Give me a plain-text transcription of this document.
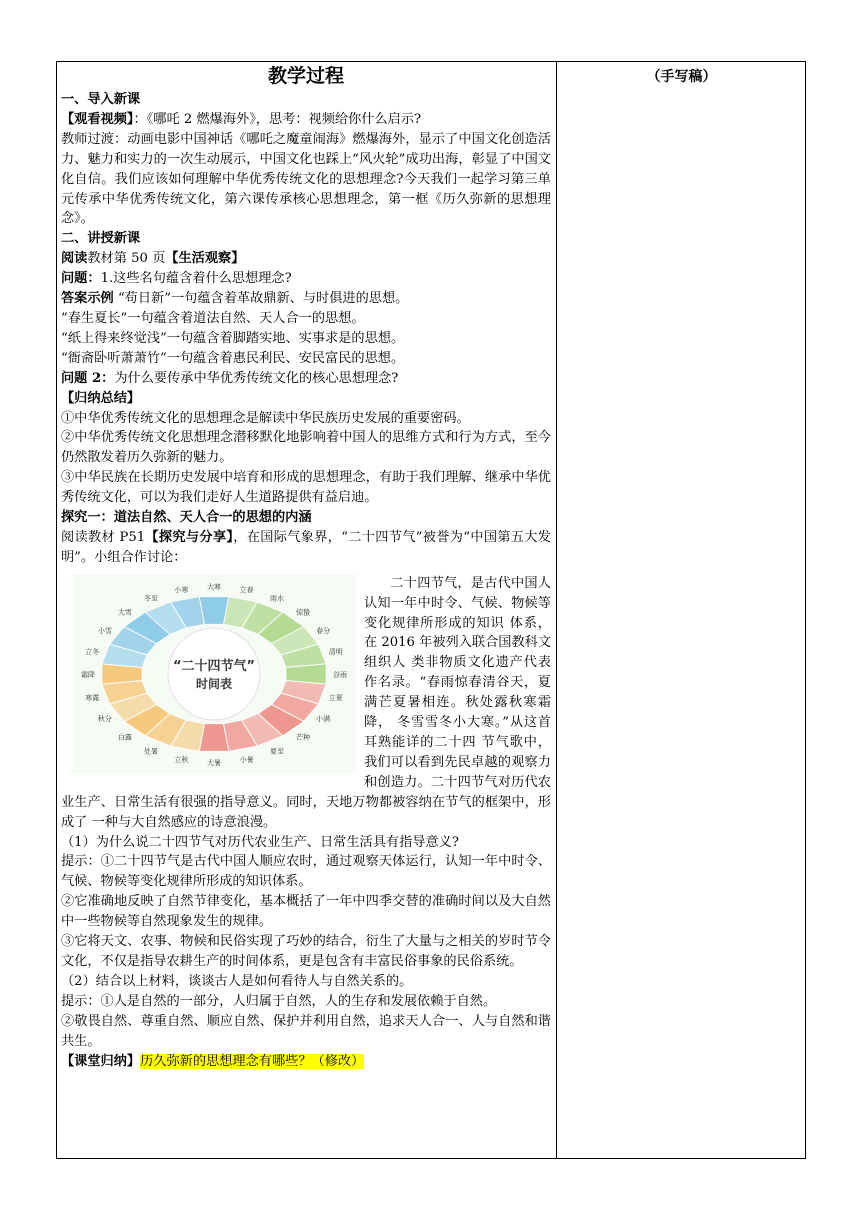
（手写稿）
教学过程

一、导入新课

【观看视频】：《哪吒 2 燃爆海外》，思考：视频给你什么启示?

教师过渡：动画电影中国神话《哪吒之魔童闹海》燃爆海外，显示了中国文化创造活力、魅力和实力的一次生动展示，中国文化也踩上“风火轮”成功出海，彰显了中国文化自信。我们应该如何理解中华优秀传统文化的思想理念?今天我们一起学习第三单元传承中华优秀传统文化，第六课传承核心思想理念，第一框《历久弥新的思想理念》。

二、讲授新课

阅读教材第 50 页【生活观察】

问题：1.这些名句蕴含着什么思想理念?

答案示例 “苟日新”一句蕴含着革故鼎新、与时俱进的思想。

”春生夏长”一句蕴含着道法自然、天人合一的思想。

“纸上得来终觉浅”一句蕴含着脚踏实地、实事求是的思想。

“衙斋卧听萧萧竹”一句蕴含着惠民利民、安民富民的思想。

问题 2：为什么要传承中华优秀传统文化的核心思想理念?

【归纳总结】

①中华优秀传统文化的思想理念是解读中华民族历史发展的重要密码。

②中华优秀传统文化思想理念潜移默化地影响着中国人的思维方式和行为方式，至今仍然散发着历久弥新的魅力。

③中华民族在长期历史发展中培育和形成的思想理念，有助于我们理解、继承中华优秀传统文化，可以为我们走好人生道路提供有益启迪。

探究一：道法自然、天人合一的思想的内涵

阅读教材 P51【探究与分享】，在国际气象界，“二十四节气”被誉为“中国第五大发明”。小组合作讨论：

立春
雨水
惊蛰
春分
清明
谷雨
立夏
小满
芒种
夏至
小暑
大暑
立秋
处暑
白露
秋分
寒露
霜降
立冬
小雪
大雪
冬至
小寒	大寒
“二十四节气”
时间表

二十四节气，是古代中国人认知一年中时令、气候、物候等变化规律所形成的知识 体系，在 2016 年被列入联合国教科文组织人 类非物质文化遗产代表作名录。“春雨惊春清谷天，夏满芒夏暑相连。秋处露秋寒霜降， 冬雪雪冬小大寒。”从这首耳熟能详的二十四 节气歌中，我们可以看到先民卓越的观察力和创造力。二十四节气对历代农业生产、日常生活有很强的指导意义。同时，天地万物都被容纳在节气的框架中，形成了 一种与大自然感应的诗意浪漫。

（1）为什么说二十四节气对历代农业生产、日常生活具有指导意义?

提示：①二十四节气是古代中国人顺应农时，通过观察天体运行，认知一年中时令、气候、物候等变化规律所形成的知识体系。

②它准确地反映了自然节律变化，基本概括了一年中四季交替的准确时间以及大自然中一些物候等自然现象发生的规律。

③它将天文、农事、物候和民俗实现了巧妙的结合，衍生了大量与之相关的岁时节令文化，不仅是指导农耕生产的时间体系，更是包含有丰富民俗事象的民俗系统。

（2）结合以上材料，谈谈古人是如何看待人与自然关系的。

提示：①人是自然的一部分，人归属于自然，人的生存和发展依赖于自然。

②敬畏自然、尊重自然、顺应自然、保护并利用自然，追求天人合一、人与自然和谐共生。

【课堂归纳】历久弥新的思想理念有哪些？（修改）
